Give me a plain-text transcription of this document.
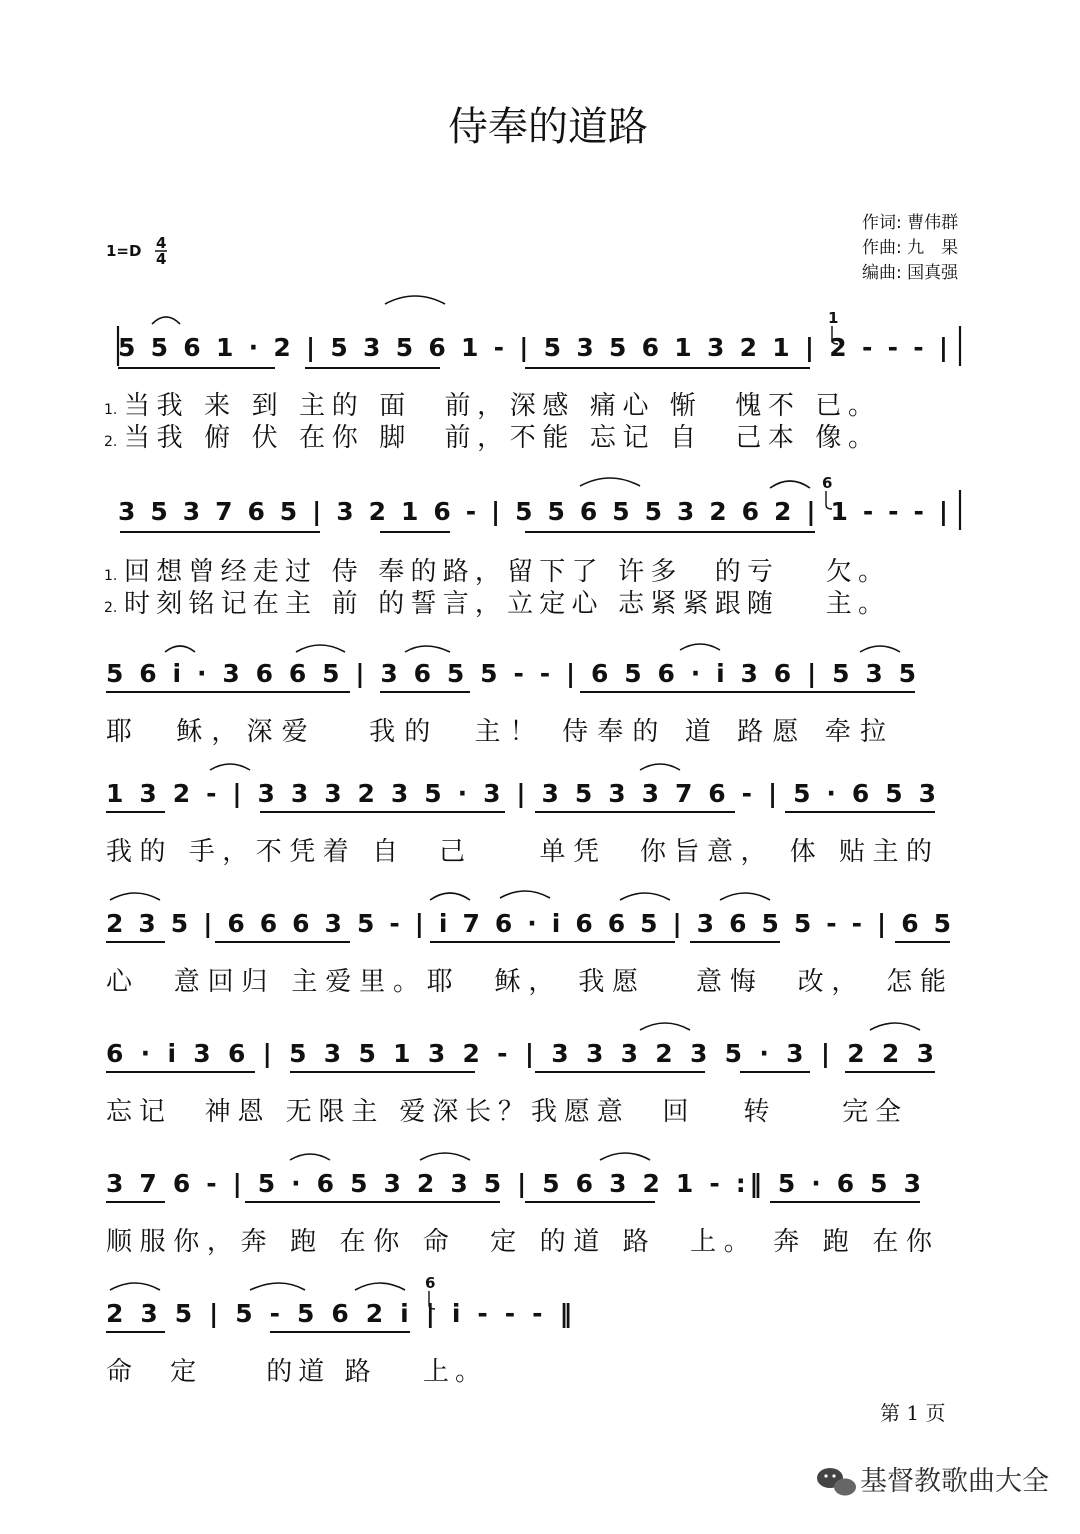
侍奉的道路
作词: 曹伟群
作曲: 九　果
编曲: 国真强
1=D 4
4
5 5 6 1 · 2 | 5 3 5 6 1 - | 5 3 5 6 1 3 2 1 | 2 - - - |
1. 当我 来 到 主的 面　前，深感 痛心 惭　愧不 已。
2. 当我 俯 伏 在你 脚　前，不能 忘记 自　己本 像。
3 5 3 7 6 5 | 3 2 1 6 - | 5 5 6 5 5 3 2 6 2 | 1 - - - |
1. 回想曾经走过 侍 奉的路，留下了 许多　的亏　 欠。
2. 时刻铭记在主 前 的誓言，立定心 志紧紧跟随　 主。
5 6 i · 3 6 6 5 | 3 6 5 5 - - | 6 5 6 · i 3 6 | 5 3 5
耶　稣，深爱　 我的　主！ 侍奉的 道 路愿 牵拉
1 3 2 - | 3 3 3 2 3 5 · 3 | 3 5 3 3 7 6 - | 5 · 6 5 3
我的 手，不凭着 自　己　　单凭　你旨意， 体 贴主的
2 3 5 | 6 6 6 3 5 - | i 7 6 · i 6 6 5 | 3 6 5 5 - - | 6 5
心　意回归 主爱里。耶　稣， 我愿　 意悔　改，　怎能
6 · i 3 6 | 5 3 5 1 3 2 - | 3 3 3 2 3 5 · 3 | 2 2 3
忘记　神恩 无限主 爱深长？我愿意　回　 转　　完全
3 7 6 - | 5 · 6 5 3 2 3 5 | 5 6 3 2 1 - :‖ 5 · 6 5 3
顺服你，奔 跑 在你 命　定 的道 路　上。 奔 跑 在你
2 3 5 | 5 - 5 6 2 i | i - - - ‖
命　定　　的道 路　 上。
1
6
6
第 1 页
基督教歌曲大全
